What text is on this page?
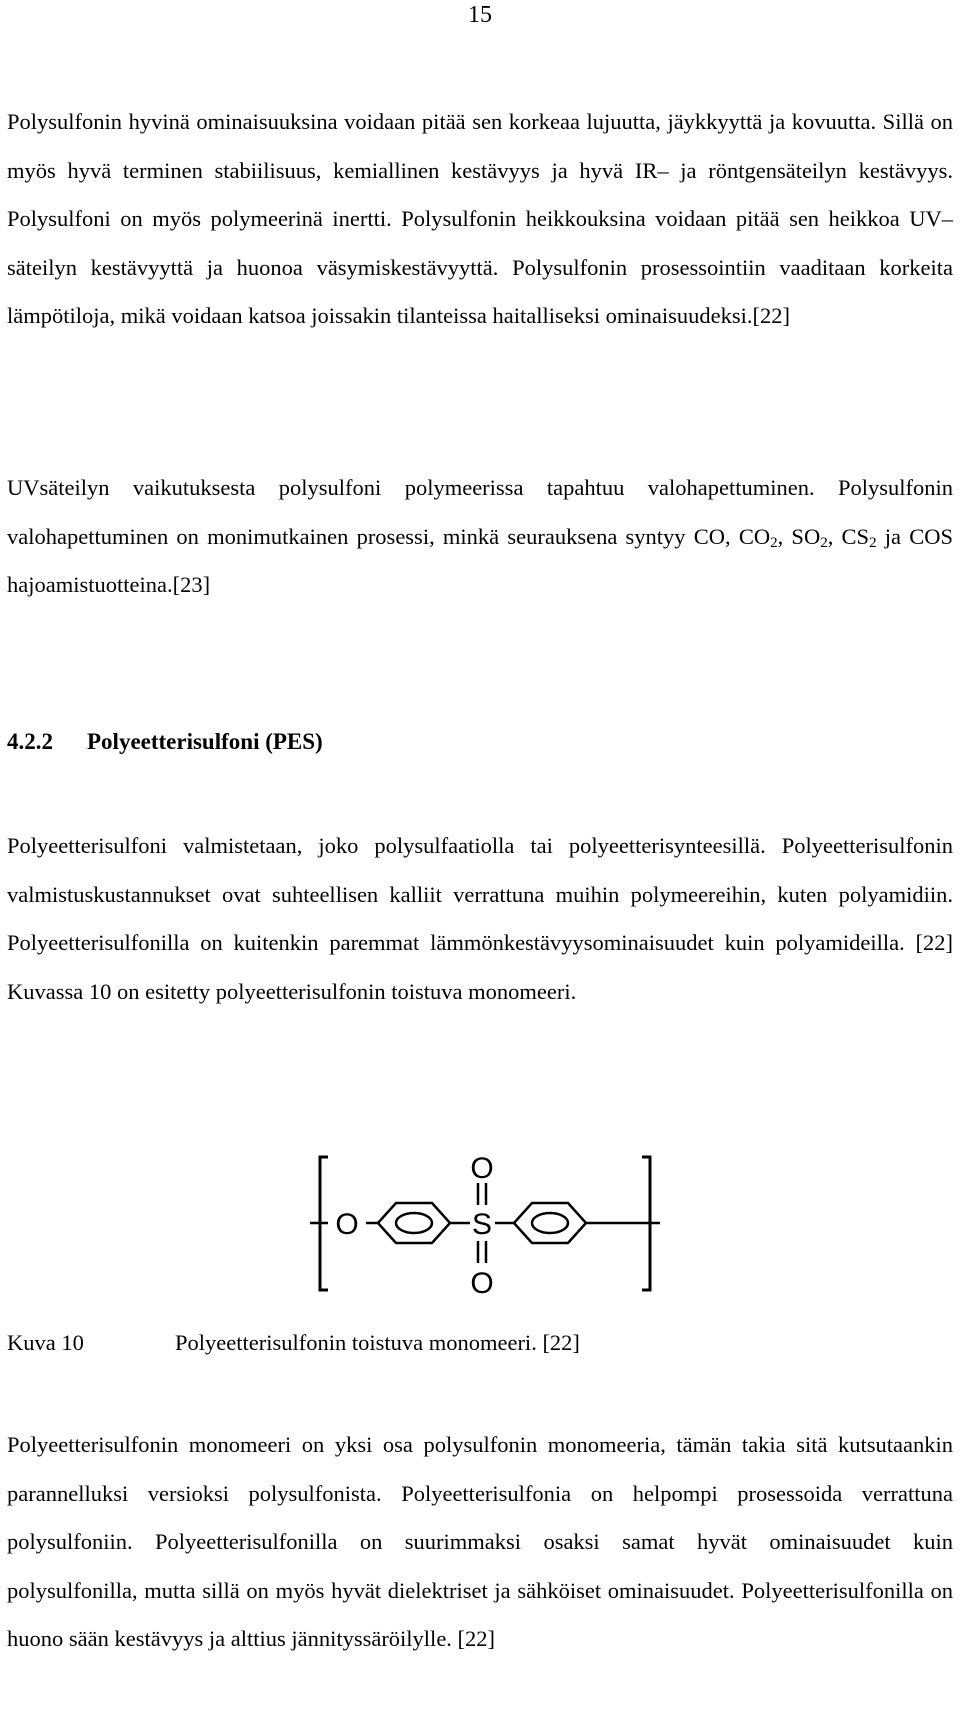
15

Polysulfonin hyvinä ominaisuuksina voidaan pitää sen korkeaa lujuutta, jäykkyyttä ja kovuutta. Sillä on myös hyvä terminen stabiilisuus, kemiallinen kestävyys ja hyvä IR– ja röntgensäteilyn kestävyys. Polysulfoni on myös polymeerinä inertti. Polysulfonin heikkouksina voidaan pitää sen heikkoa UV–säteilyn kestävyyttä ja huonoa väsymiskestävyyttä. Polysulfonin prosessointiin vaaditaan korkeita lämpötiloja, mikä voidaan katsoa joissakin tilanteissa haitalliseksi ominaisuudeksi.[22]

UVsäteilyn vaikutuksesta polysulfoni polymeerissa tapahtuu valohapettuminen. Polysulfonin valohapettuminen on monimutkainen prosessi, minkä seurauksena syntyy CO, $CO_2$, $SO_2$, $CS_2$ ja COS hajoamistuotteina.[23]

4.2.2 Polyeetterisulfoni (PES)

Polyeetterisulfoni valmistetaan, joko polysulfaatiolla tai polyeetterisynteesillä. Polyeetterisulfonin valmistuskustannukset ovat suhteellisen kalliit verrattuna muihin polymeereihin, kuten polyamidiin. Polyeetterisulfonilla on kuitenkin paremmat lämmönkestävyysominaisuudet kuin polyamideilla. [22] Kuvassa 10 on esitetty polyeetterisulfonin toistuva monomeeri.

O
S
O
O
Kuva 10	Polyeetterisulfonin toistuva monomeeri. [22]

Polyeetterisulfonin monomeeri on yksi osa polysulfonin monomeeria, tämän takia sitä kutsutaankin parannelluksi versioksi polysulfonista. Polyeetterisulfonia on helpompi prosessoida verrattuna polysulfoniin. Polyeetterisulfonilla on suurimmaksi osaksi samat hyvät ominaisuudet kuin polysulfonilla, mutta sillä on myös hyvät dielektriset ja sähköiset ominaisuudet. Polyeetterisulfonilla on huono sään kestävyys ja alttius jännityssäröilylle. [22]
